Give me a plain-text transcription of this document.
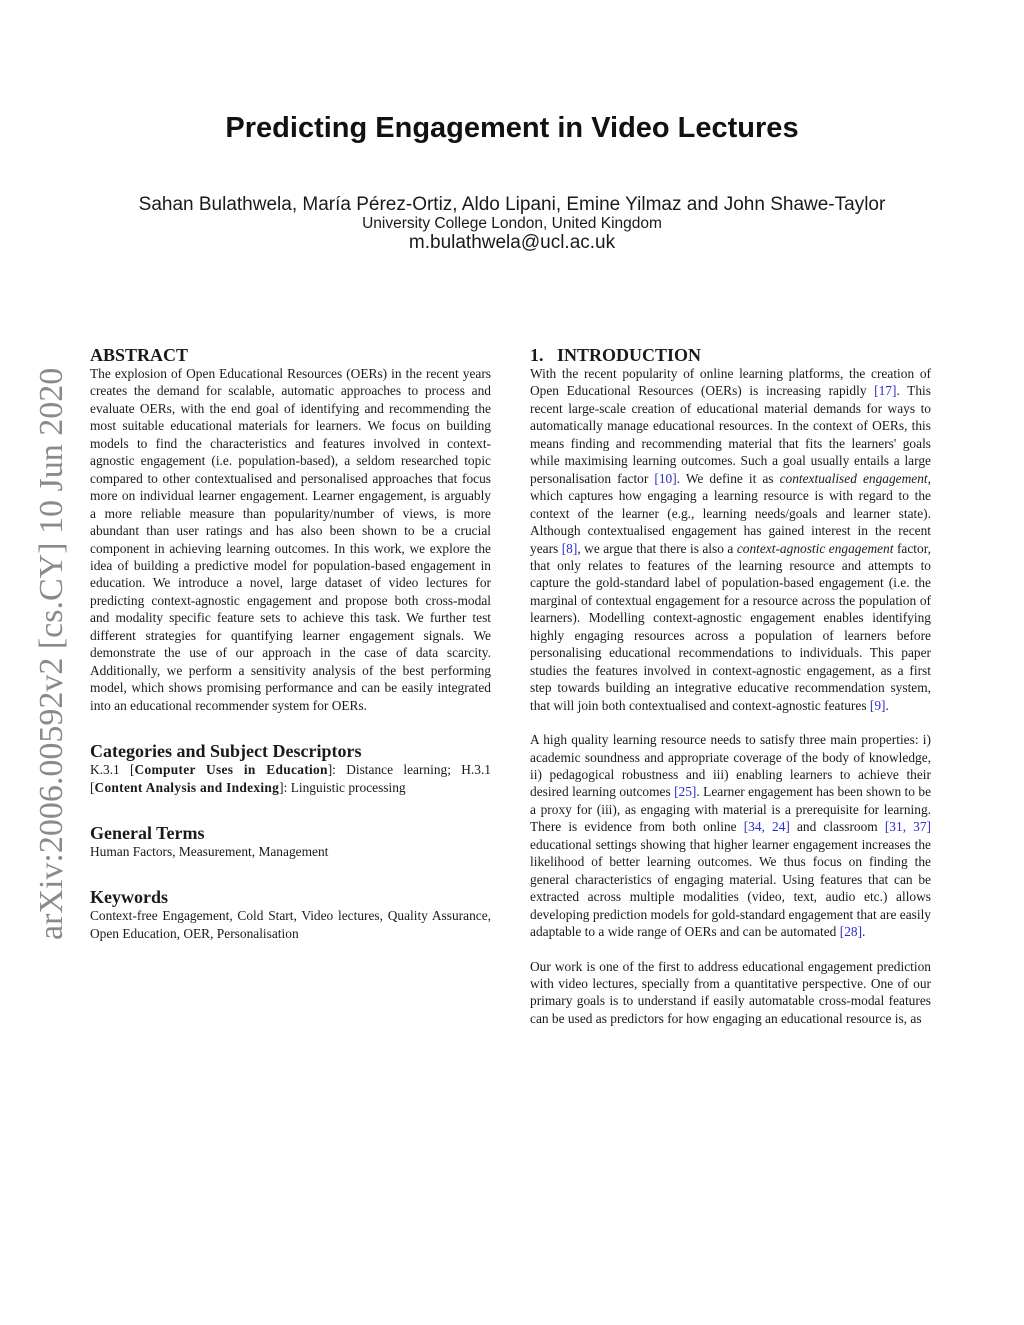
Predicting Engagement in Video Lectures
Sahan Bulathwela, María Pérez-Ortiz, Aldo Lipani, Emine Yilmaz and John Shawe-Taylor
University College London, United Kingdom
m.bulathwela@ucl.ac.uk
arXiv:2006.00592v2 [cs.CY] 10 Jun 2020
ABSTRACT

The explosion of Open Educational Resources (OERs) in the recent years creates the demand for scalable, automatic approaches to process and evaluate OERs, with the end goal of identifying and recommending the most suitable educational materials for learners. We focus on building models to find the characteristics and features involved in context-agnostic engagement (i.e. population-based), a seldom researched topic compared to other contextualised and personalised approaches that focus more on individual learner engagement. Learner engagement, is arguably a more reliable measure than popularity/number of views, is more abundant than user ratings and has also been shown to be a crucial component in achieving learning outcomes. In this work, we explore the idea of building a predictive model for population-based engagement in education. We introduce a novel, large dataset of video lectures for predicting context-agnostic engagement and propose both cross-modal and modality specific feature sets to achieve this task. We further test different strategies for quantifying learner engagement signals. We demonstrate the use of our approach in the case of data scarcity. Additionally, we perform a sensitivity analysis of the best performing model, which shows promising performance and can be easily integrated into an educational recommender system for OERs.

Categories and Subject Descriptors

K.3.1 [Computer Uses in Education]: Distance learning; H.3.1 [Content Analysis and Indexing]: Linguistic processing

General Terms

Human Factors, Measurement, Management

Keywords

Context-free Engagement, Cold Start, Video lectures, Quality Assurance, Open Education, OER, Personalisation

1.   INTRODUCTION

With the recent popularity of online learning platforms, the creation of Open Educational Resources (OERs) is increasing rapidly [17]. This recent large-scale creation of educational material demands for ways to automatically manage educational resources. In the context of OERs, this means finding and recommending material that fits the learners' goals while maximising learning outcomes. Such a goal usually entails a large personalisation factor [10]. We define it as contextualised engagement, which captures how engaging a learning resource is with regard to the context of the learner (e.g., learning needs/goals and learner state). Although contextualised engagement has gained interest in the recent years [8], we argue that there is also a context-agnostic engagement factor, that only relates to features of the learning resource and attempts to capture the gold-standard label of population-based engagement (i.e. the marginal of contextual engagement for a resource across the population of learners). Modelling context-agnostic engagement enables identifying highly engaging resources across a population of learners before personalising educational recommendations to individuals. This paper studies the features involved in context-agnostic engagement, as a first step towards building an integrative educative recommendation system, that will join both contextualised and context-agnostic features [9].

A high quality learning resource needs to satisfy three main properties: i) academic soundness and appropriate coverage of the body of knowledge, ii) pedagogical robustness and iii) enabling learners to achieve their desired learning outcomes [25]. Learner engagement has been shown to be a proxy for (iii), as engaging with material is a prerequisite for learning. There is evidence from both online [34, 24] and classroom [31, 37] educational settings showing that higher learner engagement increases the likelihood of better learning outcomes. We thus focus on finding the general characteristics of engaging material. Using features that can be extracted across multiple modalities (video, text, audio etc.) allows developing prediction models for gold-standard engagement that are easily adaptable to a wide range of OERs and can be automated [28].

Our work is one of the first to address educational engagement prediction with video lectures, specially from a quantitative perspective. One of our primary goals is to understand if easily automatable cross-modal features can be used as predictors for how engaging an educational resource is, as
